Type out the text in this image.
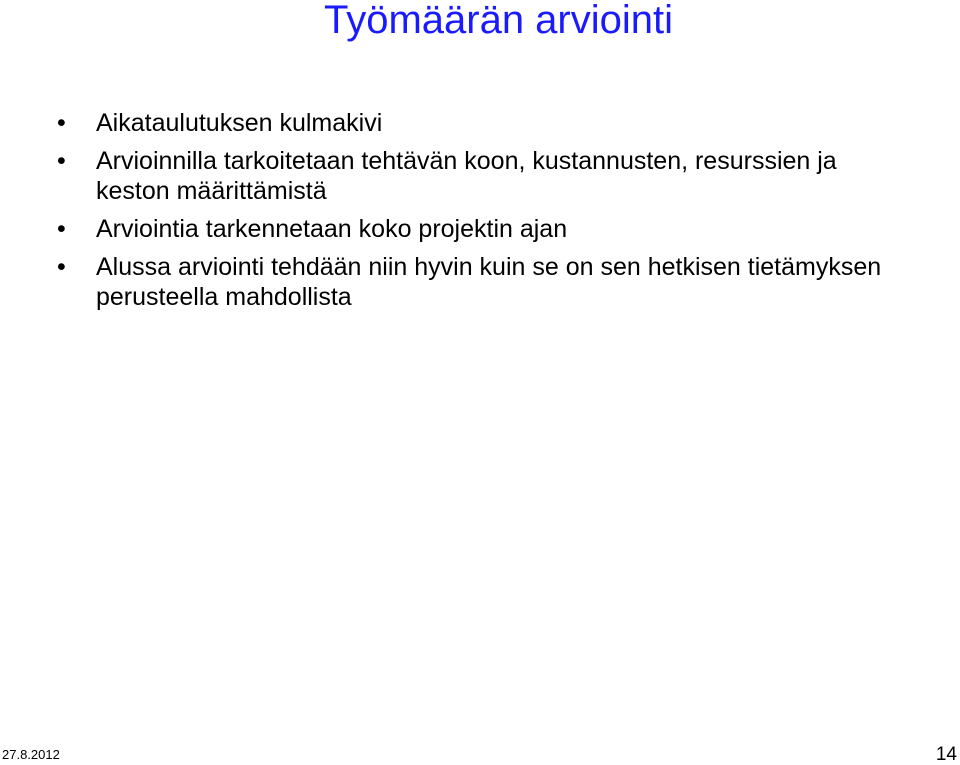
Työmäärän arviointi
• Aikataulutuksen kulmakivi
• Arvioinnilla tarkoitetaan tehtävän koon, kustannusten, resurssien ja keston määrittämistä
• Arviointia tarkennetaan koko projektin ajan
• Alussa arviointi tehdään niin hyvin kuin se on sen hetkisen tietämyksen perusteella mahdollista
27.8.2012	14
